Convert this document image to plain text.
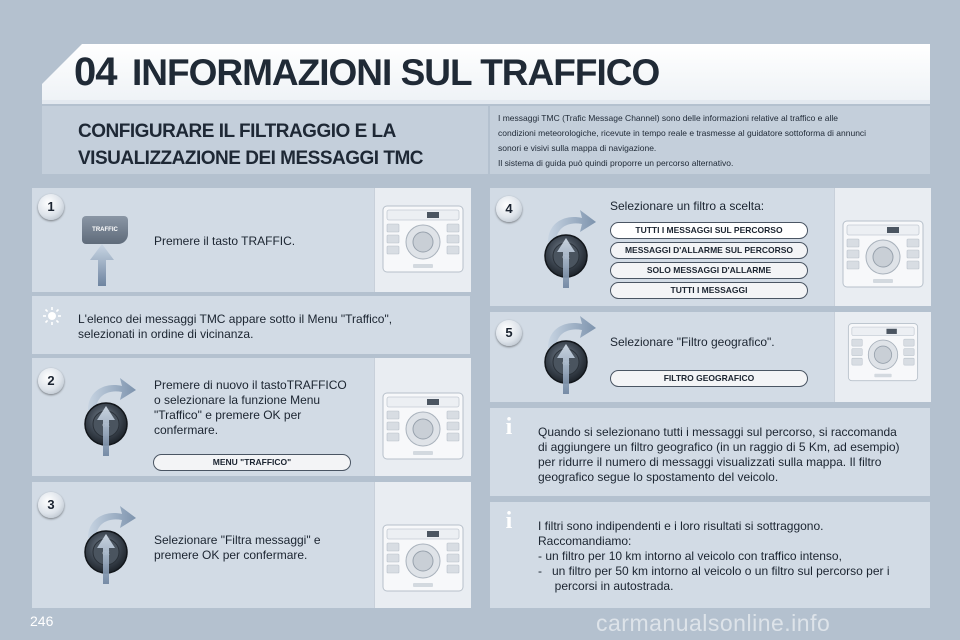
04 INFORMAZIONI SUL TRAFFICO
CONFIGURARE IL FILTRAGGIO E LA
VISUALIZZAZIONE DEI MESSAGGI TMC
I messaggi TMC (Trafic Message Channel) sono delle informazioni relative al traffico e alle
condizioni meteorologiche, ricevute in tempo reale e trasmesse al guidatore sottoforma di annunci
sonori e visivi sulla mappa di navigazione.
Il sistema di guida può quindi proporre un percorso alternativo.
1
TRAFFIC
Premere il tasto TRAFFIC.
L'elenco dei messaggi TMC appare sotto il Menu "Traffico",
selezionati in ordine di vicinanza.
2	Premere di nuovo il tastoTRAFFICO
o selezionare la funzione Menu
"Traffico" e premere OK per
confermare.
MENU "TRAFFICO"
3
Selezionare "Filtra messaggi" e
premere OK per confermare.
4	Selezionare un filtro a scelta:
TUTTI I MESSAGGI SUL PERCORSO
MESSAGGI D'ALLARME SUL PERCORSO
SOLO MESSAGGI D'ALLARME
TUTTI I MESSAGGI
5
Selezionare "Filtro geografico".
FILTRO GEOGRAFICO
i	Quando si selezionano tutti i messaggi sul percorso, si raccomanda
di aggiungere un filtro geografico (in un raggio di 5 Km, ad esempio)
per ridurre il numero di messaggi visualizzati sulla mappa. Il filtro
geografico segue lo spostamento del veicolo.
i	I filtri sono indipendenti e i loro risultati si sottraggono.
Raccomandiamo:
- un filtro per 10 km intorno al veicolo con traffico intenso,
-   un filtro per 50 km intorno al veicolo o un filtro sul percorso per i
percorsi in autostrada.
246	carmanualsonline.info
